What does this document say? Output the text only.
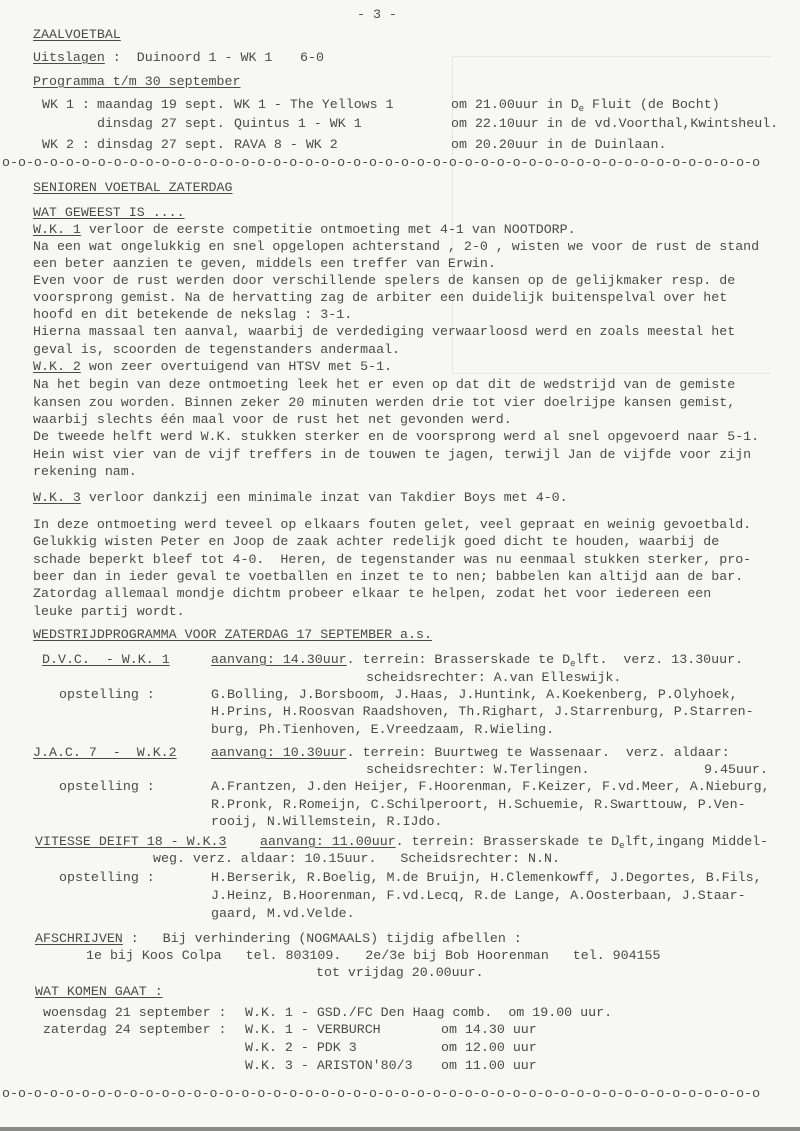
- 3 -
ZAALVOETBAL
Uitslagen :  Duinoord 1 - WK 1 6-0
Programma t/m 30 september
WK 1 : maandag 19 sept. WK 1 - The Yellows 1	om 21.00uur in $D_e$ Fluit (de Bocht)
dinsdag 27 sept. Quintus 1 - WK 1	om 22.10uur in de vd.Voorthal,Kwintsheul.
WK 2 : dinsdag 27 sept. RAVA 8 - WK 2	om 20.20uur in de Duinlaan.
o-o-o-o-o-o-o-o-o-o-o-o-o-o-o-o-o-o-o-o-o-o-o-o-o-o-o-o-o-o-o-o-o-o-o-o-o-o-o-o-o-o-o-o-o-o-o-o
SENIOREN VOETBAL ZATERDAG
WAT GEWEEST IS ....
W.K. 1 verloor de eerste competitie ontmoeting met 4-1 van NOOTDORP.
Na een wat ongelukkig en snel opgelopen achterstand , 2-0 , wisten we voor de rust de stand
een beter aanzien te geven, middels een treffer van Erwin.
Even voor de rust werden door verschillende spelers de kansen op de gelijkmaker resp. de
voorsprong gemist. Na de hervatting zag de arbiter een duidelijk buitenspelval over het
hoofd en dit betekende de nekslag : 3-1.
Hierna massaal ten aanval, waarbij de verdediging verwaarloosd werd en zoals meestal het
geval is, scoorden de tegenstanders andermaal.
W.K. 2 won zeer overtuigend van HTSV met 5-1.
Na het begin van deze ontmoeting leek het er even op dat dit de wedstrijd van de gemiste
kansen zou worden. Binnen zeker 20 minuten werden drie tot vier doelrijpe kansen gemist,
waarbij slechts één maal voor de rust het net gevonden werd.
De tweede helft werd W.K. stukken sterker en de voorsprong werd al snel opgevoerd naar 5-1.
Hein wist vier van de vijf treffers in de touwen te jagen, terwijl Jan de vijfde voor zijn
rekening nam.
W.K. 3 verloor dankzij een minimale inzat van Takdier Boys met 4-0.
In deze ontmoeting werd teveel op elkaars fouten gelet, veel gepraat en weinig gevoetbald.
Gelukkig wisten Peter en Joop de zaak achter redelijk goed dicht te houden, waarbij de
schade beperkt bleef tot 4-0.  Heren, de tegenstander was nu eenmaal stukken sterker, pro-
beer dan in ieder geval te voetballen en inzet te to nen; babbelen kan altijd aan de bar.
Zatordag allemaal mondje dichtm probeer elkaar te helpen, zodat het voor iedereen een
leuke partij wordt.
WEDSTRIJDPROGRAMMA VOOR ZATERDAG 17 SEPTEMBER a.s.
D.V.C.  - W.K. 1	aanvang: 14.30uur. terrein: Brasserskade te $D_elft$.  verz. 13.30uur.
scheidsrechter: A.van Elleswijk.
opstelling :	G.Bolling, J.Borsboom, J.Haas, J.Huntink, A.Koekenberg, P.Olyhoek,
H.Prins, H.Roosvan Raadshoven, Th.Righart, J.Starrenburg, P.Starren-
burg, Ph.Tienhoven, E.Vreedzaam, R.Wieling.
J.A.C. 7  -  W.K.2	aanvang: 10.30uur. terrein: Buurtweg te Wassenaar.  verz. aldaar:
scheidsrechter: W.Terlingen.	9.45uur.
opstelling :	A.Frantzen, J.den Heijer, F.Hoorenman, F.Keizer, F.vd.Meer, A.Nieburg,
R.Pronk, R.Romeijn, C.Schilperoort, H.Schuemie, R.Swarttouw, P.Ven-
rooij, N.Willemstein, R.IJdo.
VITESSE DEIFT 18 - W.K.3	aanvang: 11.00uur. terrein: Brasserskade te $D_elft,ingang$ Middel-
weg. verz. aldaar: 10.15uur.   Scheidsrechter: N.N.
opstelling :	H.Berserik, R.Boelig, M.de Bruijn, H.Clemenkowff, J.Degortes, B.Fils,
J.Heinz, B.Hoorenman, F.vd.Lecq, R.de Lange, A.Oosterbaan, J.Staar-
gaard, M.vd.Velde.
AFSCHRIJVEN :   Bij verhindering (NOGMAALS) tijdig afbellen :
1e bij Koos Colpa   tel. 803109.   2e/3e bij Bob Hoorenman   tel. 904155
tot vrijdag 20.00uur.
WAT KOMEN GAAT :
woensdag 21 september : W.K. 1 - GSD./FC Den Haag comb.  om 19.00 uur.
zaterdag 24 september : W.K. 1 - VERBURCH	om 14.30 uur
W.K. 2 - PDK 3	om 12.00 uur
W.K. 3 - ARISTON'80/3 om 11.00 uur
o-o-o-o-o-o-o-o-o-o-o-o-o-o-o-o-o-o-o-o-o-o-o-o-o-o-o-o-o-o-o-o-o-o-o-o-o-o-o-o-o-o-o-o-o-o-o-o
